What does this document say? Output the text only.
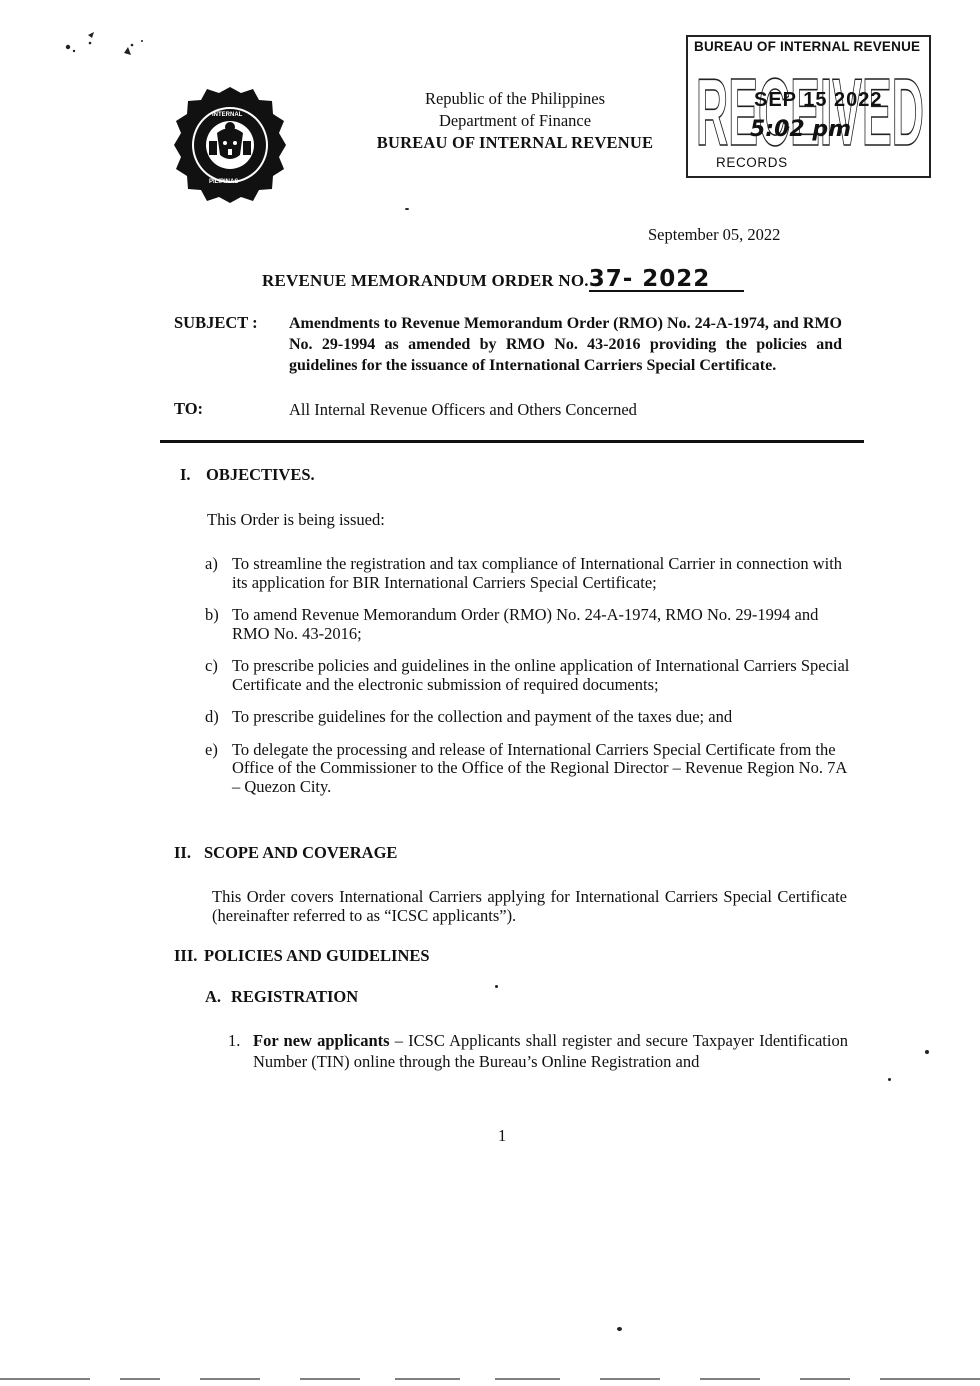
INTERNAL
PILIPINAS
Republic of the Philippines
Department of Finance
BUREAU OF INTERNAL REVENUE
BUREAU OF INTERNAL REVENUE
RECEIVED
SEP 15 2022
5:02 pm
RECORDS
September 05, 2022
REVENUE MEMORANDUM ORDER NO.37- 2022
SUBJECT : Amendments to Revenue Memorandum Order (RMO) No. 24-A-1974, and RMO No. 29-1994 as amended by RMO No. 43-2016 providing the policies and guidelines for the issuance of International Carriers Special Certificate.
TO:	All Internal Revenue Officers and Others Concerned
I. OBJECTIVES.
This Order is being issued:
a) To streamline the registration and tax compliance of International Carrier in connection with its application for BIR International Carriers Special Certificate;
b) To amend Revenue Memorandum Order (RMO) No. 24-A-1974, RMO No. 29-1994 and RMO No. 43-2016;
c) To prescribe policies and guidelines in the online application of International Carriers Special Certificate and the electronic submission of required documents;
d) To prescribe guidelines for the collection and payment of the taxes due; and
e) To delegate the processing and release of International Carriers Special Certificate from the Office of the Commissioner to the Office of the Regional Director – Revenue Region No. 7A – Quezon City.
II. SCOPE AND COVERAGE
This Order covers International Carriers applying for International Carriers Special Certificate (hereinafter referred to as “ICSC applicants”).
III. POLICIES AND GUIDELINES
A. REGISTRATION
1. For new applicants – ICSC Applicants shall register and secure Taxpayer Identification Number (TIN) online through the Bureau’s Online Registration and
1
